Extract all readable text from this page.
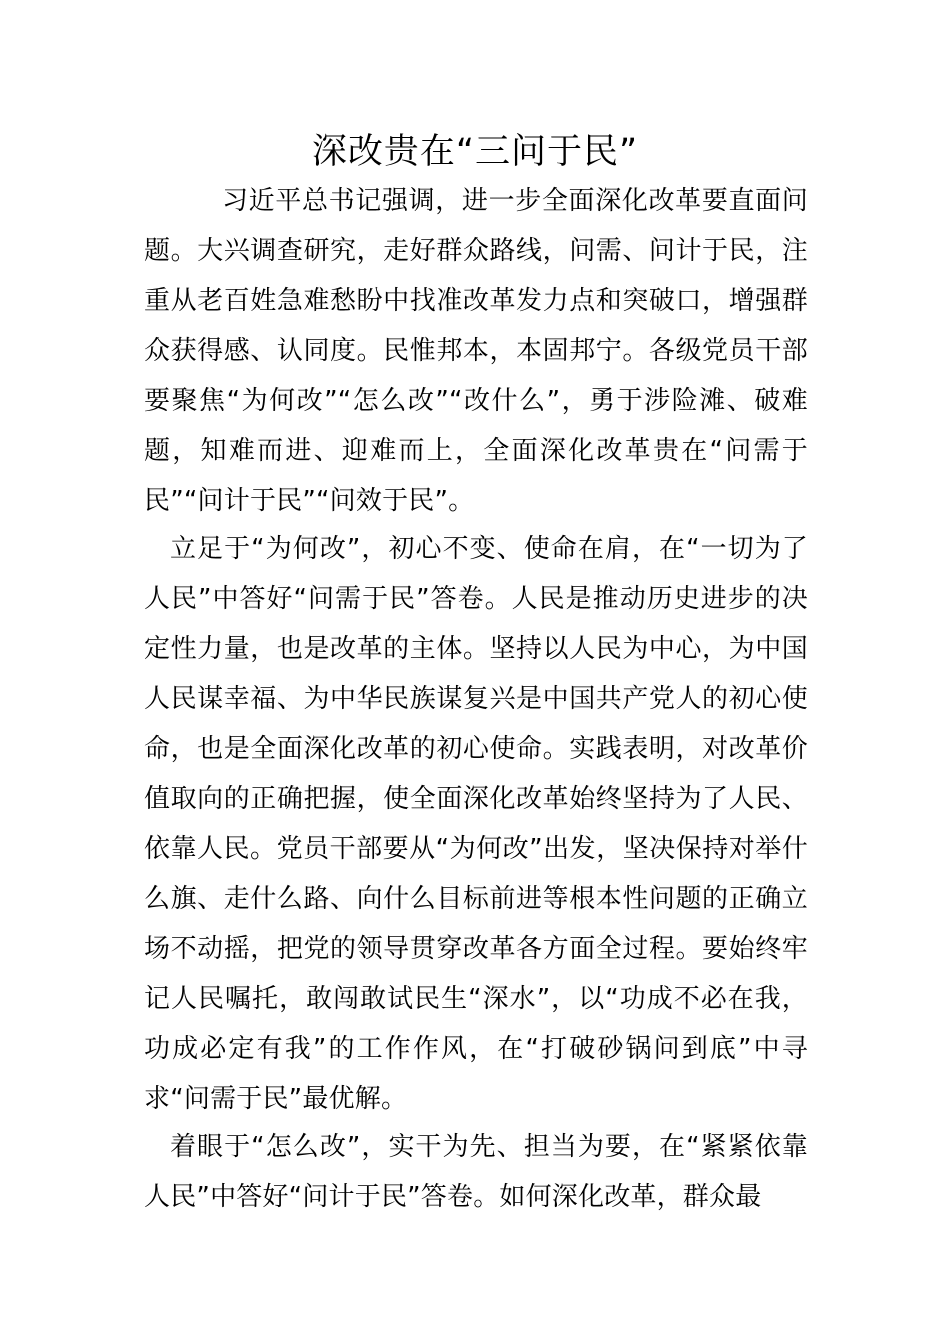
深改贵在“三问于民”
习近平总书记强调，进一步全面深化改革要直面问题。大兴调查研究，走好群众路线，问需、问计于民，注重从老百姓急难愁盼中找准改革发力点和突破口，增强群众获得感、认同度。民惟邦本，本固邦宁。各级党员干部要聚焦“为何改”“怎么改”“改什么”，勇于涉险滩、破难题，知难而进、迎难而上，全面深化改革贵在“问需于民”“问计于民”“问效于民”。
立足于“为何改”，初心不变、使命在肩，在“一切为了人民”中答好“问需于民”答卷。人民是推动历史进步的决定性力量，也是改革的主体。坚持以人民为中心，为中国人民谋幸福、为中华民族谋复兴是中国共产党人的初心使命，也是全面深化改革的初心使命。实践表明，对改革价值取向的正确把握，使全面深化改革始终坚持为了人民、依靠人民。党员干部要从“为何改”出发，坚决保持对举什么旗、走什么路、向什么目标前进等根本性问题的正确立场不动摇，把党的领导贯穿改革各方面全过程。要始终牢记人民嘱托，敢闯敢试民生“深水”，以“功成不必在我，功成必定有我”的工作作风，在“打破砂锅问到底”中寻求“问需于民”最优解。
着眼于“怎么改”，实干为先、担当为要，在“紧紧依靠人民”中答好“问计于民”答卷。如何深化改革，群众最
